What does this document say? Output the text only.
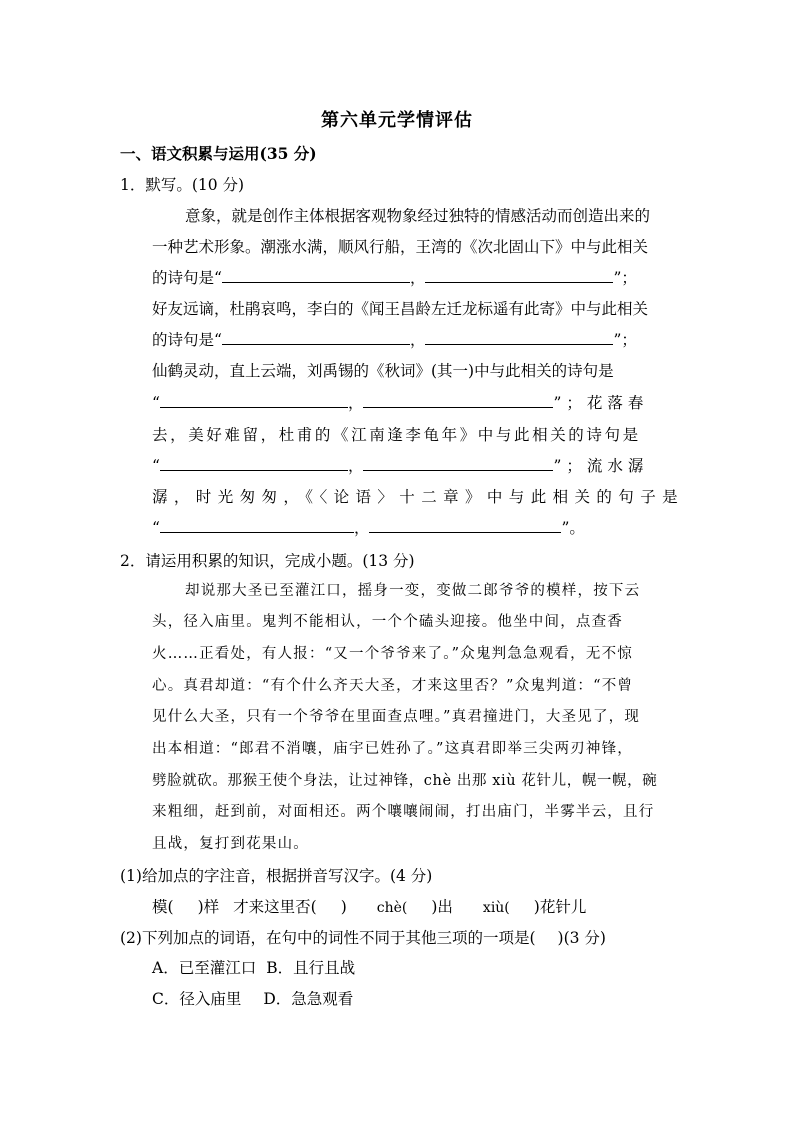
第六单元学情评估
一、语文积累与运用(35 分)
1．默写。(10 分)
意象，就是创作主体根据客观物象经过独特的情感活动而创造出来的
一种艺术形象。潮涨水满，顺风行船，王湾的《次北固山下》中与此相关
的诗句是“	，	”；
好友远谪，杜鹃哀鸣，李白的《闻王昌龄左迁龙标遥有此寄》中与此相关
的诗句是“	，	”；
仙鹤灵动，直上云端，刘禹锡的《秋词》(其一)中与此相关的诗句是
“	，	”；花落春
去，美好难留，杜甫的《江南逢李龟年》中与此相关的诗句是
“	，	”；流水潺
潺，时光匆匆，《〈论语〉十二章》中与此相关的句子是
“	，	”。
2．请运用积累的知识，完成小题。(13 分)
却说那大圣已至灌江口，摇身一变，变做二郎爷爷的模样，按下云
头，径入庙里。鬼判不能相认，一个个磕头迎接。他坐中间，点查香
火……正看处，有人报：“又一个爷爷来了。”众鬼判急急观看，无不惊
心。真君却道：“有个什么齐天大圣，才来这里否？”众鬼判道：“不曾
见什么大圣，只有一个爷爷在里面查点哩。”真君撞进门，大圣见了，现
出本相道：“郎君不消嚷，庙宇已姓孙了。”这真君即举三尖两刃神锋，
劈脸就砍。那猴王使个身法，让过神锋，chè 出那 xiù 花针儿，幌一幌，碗
来粗细，赶到前，对面相还。两个嚷嚷闹闹，打出庙门，半雾半云，且行
且战，复打到花果山。
(1)给加点的字注音，根据拼音写汉字。(4 分)
模( )样 才来这里否( ) chè( )出 xiù( )花针儿
(2)下列加点的词语，在句中的词性不同于其他三项的一项是( )(3 分)
A．已至灌江口 B．且行且战
C．径入庙里 D．急急观看
